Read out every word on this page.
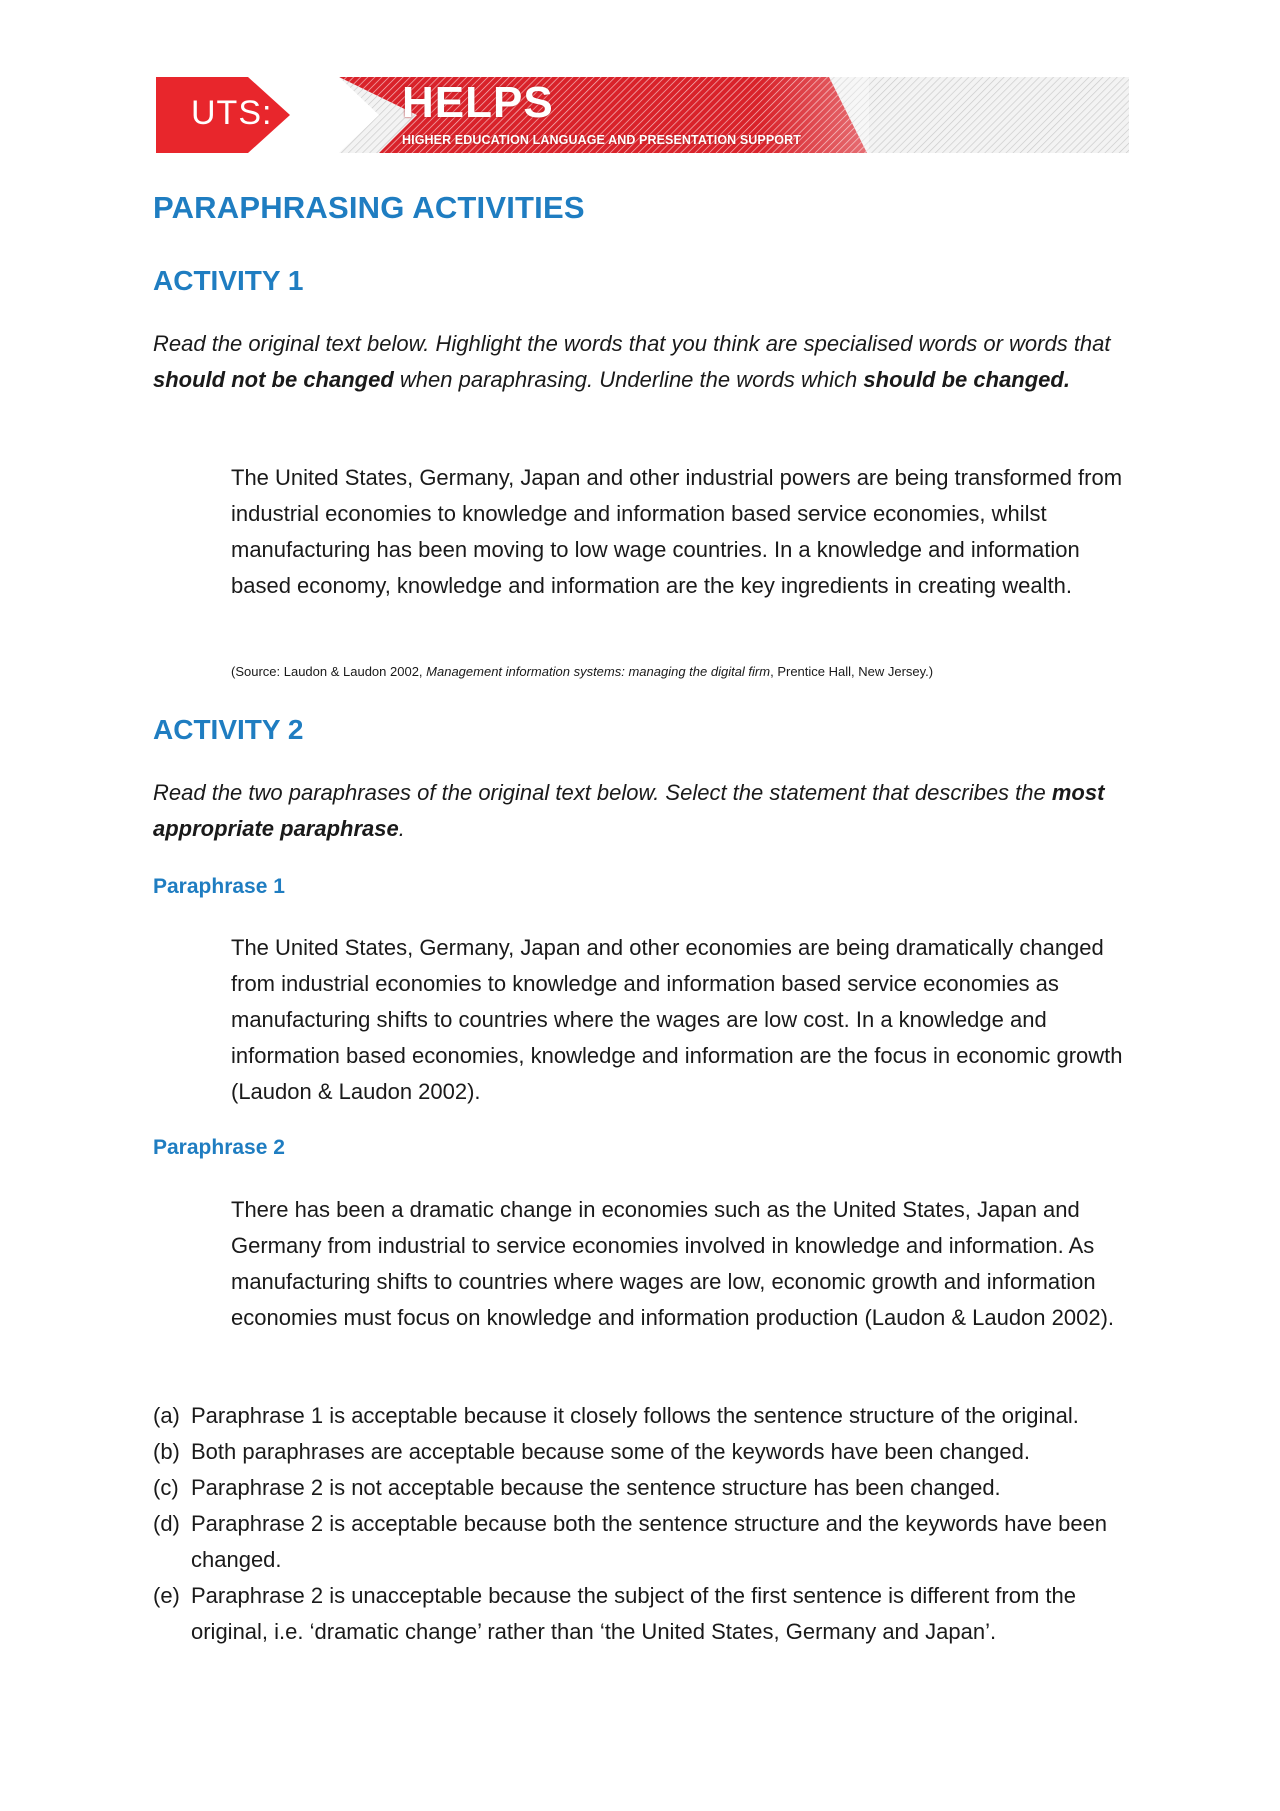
UTS:	HELPS
HIGHER EDUCATION LANGUAGE AND PRESENTATION SUPPORT
PARAPHRASING ACTIVITIES
ACTIVITY 1
Read the original text below. Highlight the words that you think are specialised words or words that should not be changed when paraphrasing. Underline the words which should be changed.
The United States, Germany, Japan and other industrial powers are being transformed from industrial economies to knowledge and information based service economies, whilst manufacturing has been moving to low wage countries. In a knowledge and information based economy, knowledge and information are the key ingredients in creating wealth.
(Source: Laudon & Laudon 2002, Management information systems: managing the digital firm, Prentice Hall, New Jersey.)
ACTIVITY 2
Read the two paraphrases of the original text below. Select the statement that describes the most appropriate paraphrase.
Paraphrase 1
The United States, Germany, Japan and other economies are being dramatically changed from industrial economies to knowledge and information based service economies as manufacturing shifts to countries where the wages are low cost. In a knowledge and information based economies, knowledge and information are the focus in economic growth (Laudon & Laudon 2002).
Paraphrase 2
There has been a dramatic change in economies such as the United States, Japan and Germany from industrial to service economies involved in knowledge and information. As manufacturing shifts to countries where wages are low, economic growth and information economies must focus on knowledge and information production (Laudon & Laudon 2002).
(a) Paraphrase 1 is acceptable because it closely follows the sentence structure of the original.
(b) Both paraphrases are acceptable because some of the keywords have been changed.
(c) Paraphrase 2 is not acceptable because the sentence structure has been changed.
(d) Paraphrase 2 is acceptable because both the sentence structure and the keywords have been changed.
(e) Paraphrase 2 is unacceptable because the subject of the first sentence is different from the original, i.e. ‘dramatic change’ rather than ‘the United States, Germany and Japan’.
